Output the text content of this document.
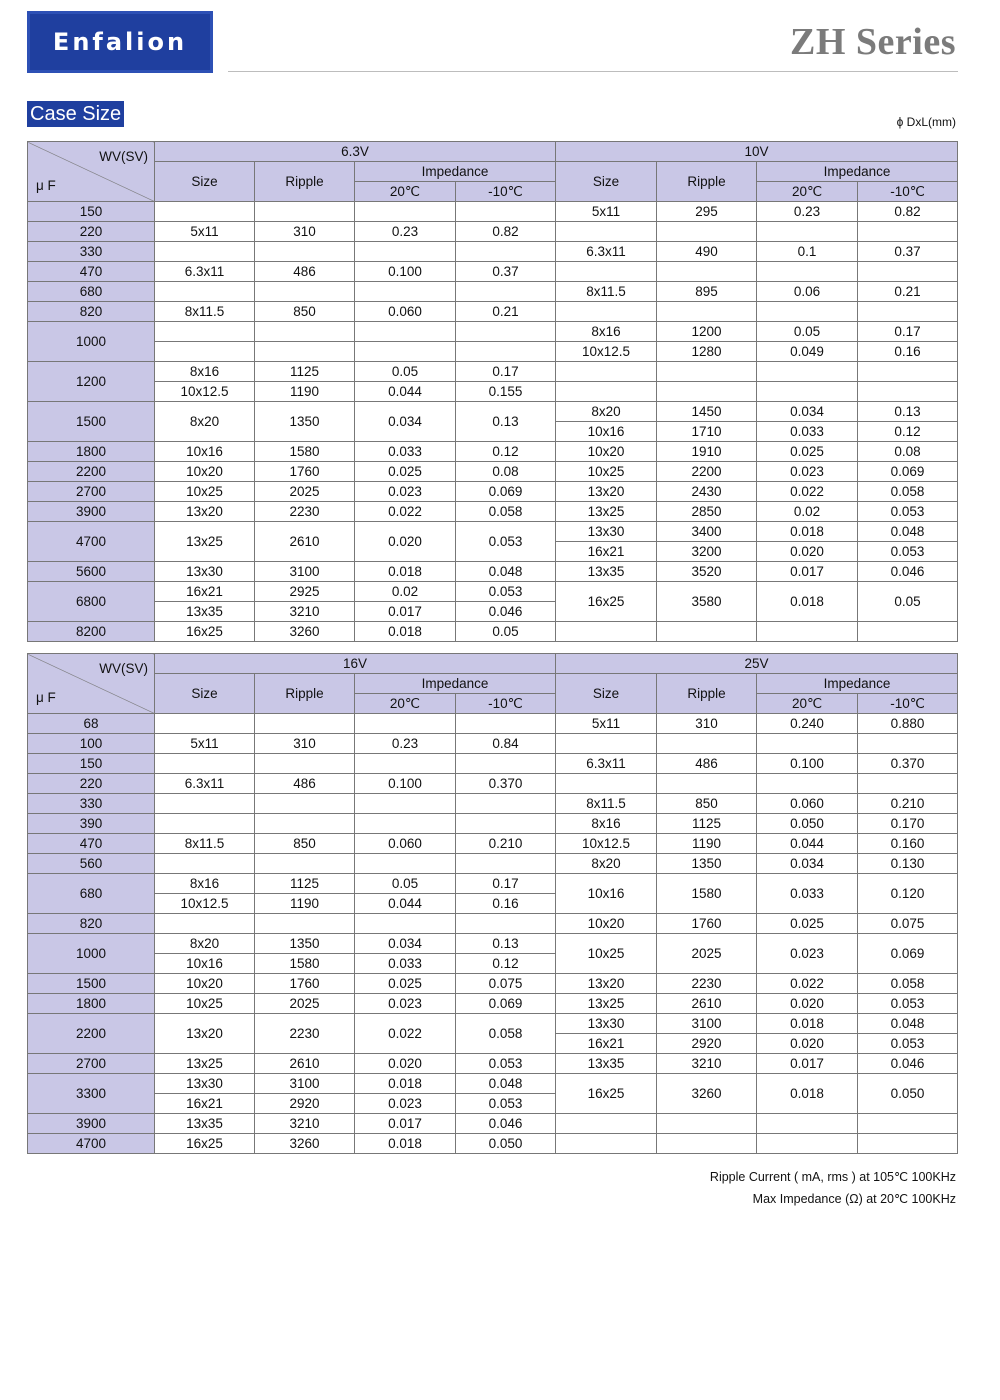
Enfalion	ZH Series
Case Size	ϕ DxL(mm)
WV(SV)
μ F	6.3V				10V			
	Size	Ripple	Impedance		Size	Ripple	Impedance	
			20℃	-10℃			20℃	-10℃
150					5x11	295	0.23	0.82
220	5x11	310	0.23	0.82				
330					6.3x11	490	0.1	0.37
470	6.3x11	486	0.100	0.37				
680					8x11.5	895	0.06	0.21
820	8x11.5	850	0.060	0.21				
1000					8x16	1200	0.05	0.17
					10x12.5	1280	0.049	0.16
1200	8x16	1125	0.05	0.17				
	10x12.5	1190	0.044	0.155				
1500	8x20	1350	0.034	0.13	8x20	1450	0.034	0.13
					10x16	1710	0.033	0.12
1800	10x16	1580	0.033	0.12	10x20	1910	0.025	0.08
2200	10x20	1760	0.025	0.08	10x25	2200	0.023	0.069
2700	10x25	2025	0.023	0.069	13x20	2430	0.022	0.058
3900	13x20	2230	0.022	0.058	13x25	2850	0.02	0.053
4700	13x25	2610	0.020	0.053	13x30	3400	0.018	0.048
					16x21	3200	0.020	0.053
5600	13x30	3100	0.018	0.048	13x35	3520	0.017	0.046
6800	16x21	2925	0.02	0.053	16x25	3580	0.018	0.05
	13x35	3210	0.017	0.046				
8200	16x25	3260	0.018	0.05				
WV(SV)
μ F	16V				25V			
	Size	Ripple	Impedance		Size	Ripple	Impedance	
			20℃	-10℃			20℃	-10℃
68					5x11	310	0.240	0.880
100	5x11	310	0.23	0.84				
150					6.3x11	486	0.100	0.370
220	6.3x11	486	0.100	0.370				
330					8x11.5	850	0.060	0.210
390					8x16	1125	0.050	0.170
470	8x11.5	850	0.060	0.210	10x12.5	1190	0.044	0.160
560					8x20	1350	0.034	0.130
680	8x16	1125	0.05	0.17	10x16	1580	0.033	0.120
	10x12.5	1190	0.044	0.16				
820					10x20	1760	0.025	0.075
1000	8x20	1350	0.034	0.13	10x25	2025	0.023	0.069
	10x16	1580	0.033	0.12				
1500	10x20	1760	0.025	0.075	13x20	2230	0.022	0.058
1800	10x25	2025	0.023	0.069	13x25	2610	0.020	0.053
2200	13x20	2230	0.022	0.058	13x30	3100	0.018	0.048
					16x21	2920	0.020	0.053
2700	13x25	2610	0.020	0.053	13x35	3210	0.017	0.046
3300	13x30	3100	0.018	0.048	16x25	3260	0.018	0.050
	16x21	2920	0.023	0.053				
3900	13x35	3210	0.017	0.046				
4700	16x25	3260	0.018	0.050				
Ripple Current ( mA, rms ) at 105℃ 100KHz
Max Impedance (Ω) at 20℃ 100KHz
